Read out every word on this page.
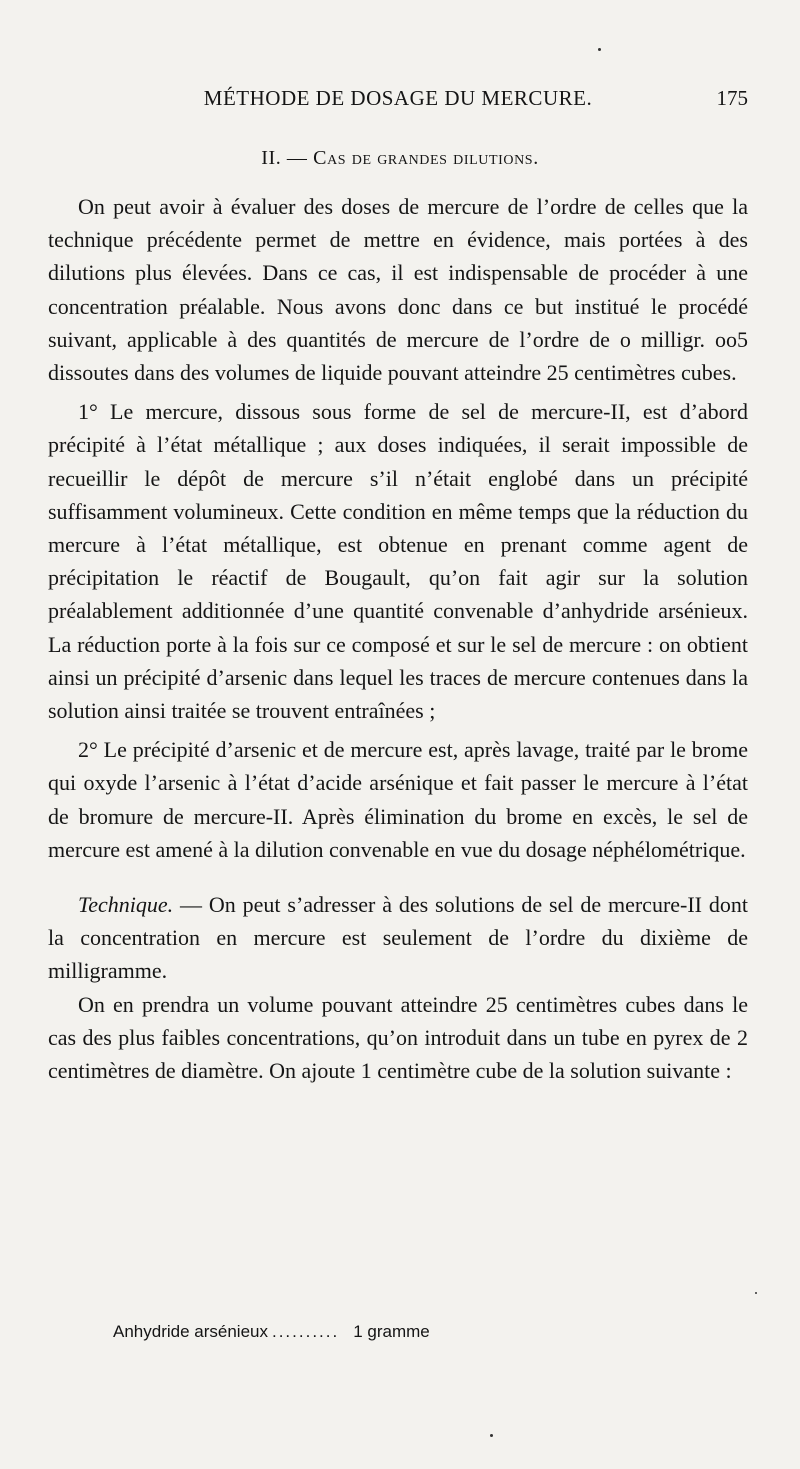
MÉTHODE DE DOSAGE DU MERCURE.	175
II. — Cas de grandes dilutions.

On peut avoir à évaluer des doses de mercure de l’ordre de celles que la technique précédente permet de mettre en évidence, mais portées à des dilutions plus élevées. Dans ce cas, il est indispensable de procéder à une concentration préalable. Nous avons donc dans ce but institué le procédé suivant, applicable à des quantités de mercure de l’ordre de o milligr. oo5 dissoutes dans des volumes de liquide pouvant atteindre 25 centimètres cubes.

1° Le mercure, dissous sous forme de sel de mercure-II, est d’abord précipité à l’état métallique ; aux doses indiquées, il serait impossible de recueillir le dépôt de mercure s’il n’était englobé dans un précipité suffisamment volumineux. Cette condition en même temps que la réduction du mercure à l’état métallique, est obtenue en prenant comme agent de précipitation le réactif de Bougault, qu’on fait agir sur la solution préalablement additionnée d’une quantité convenable d’anhydride arsénieux. La réduction porte à la fois sur ce composé et sur le sel de mercure : on obtient ainsi un précipité d’arsenic dans lequel les traces de mercure contenues dans la solution ainsi traitée se trouvent entraînées ;

2° Le précipité d’arsenic et de mercure est, après lavage, traité par le brome qui oxyde l’arsenic à l’état d’acide arsénique et fait passer le mercure à l’état de bromure de mercure-II. Après élimination du brome en excès, le sel de mercure est amené à la dilution convenable en vue du dosage néphélométrique.

Technique. — On peut s’adresser à des solutions de sel de mercure-II dont la concentration en mercure est seulement de l’ordre du dixième de milligramme.

On en prendra un volume pouvant atteindre 25 centimètres cubes dans le cas des plus faibles concentrations, qu’on introduit dans un tube en pyrex de 2 centimètres de diamètre. On ajoute 1 centimètre cube de la solution suivante :

Anhydride arsénieux .......... 1 gramme
